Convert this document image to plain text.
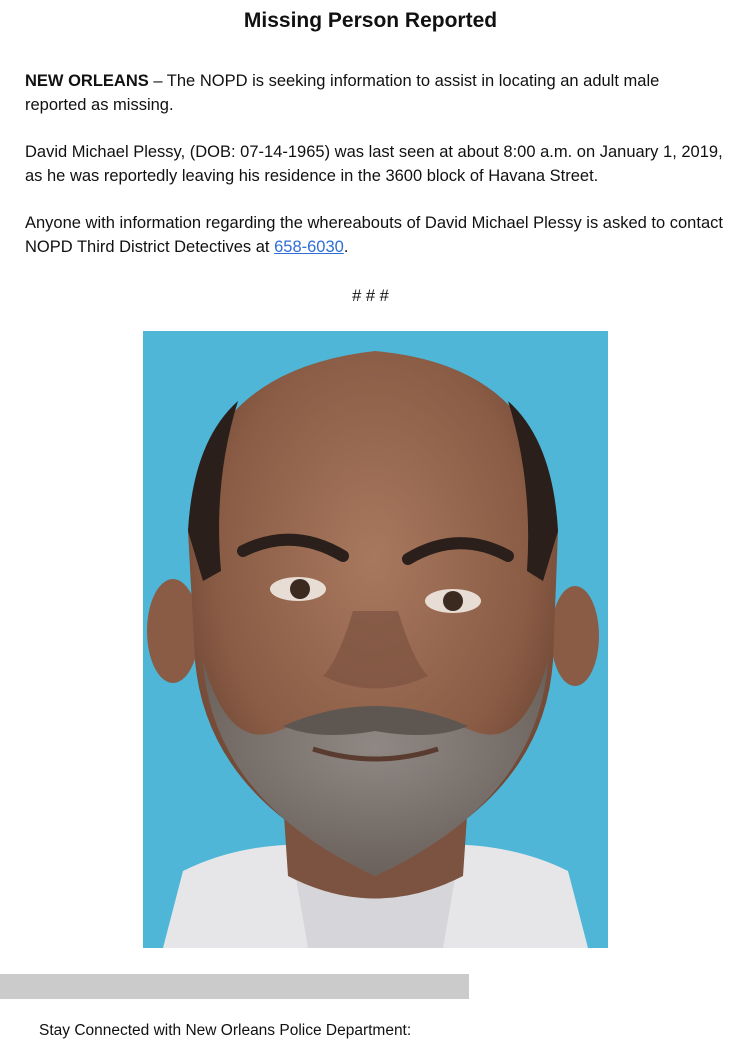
Missing Person Reported
NEW ORLEANS – The NOPD is seeking information to assist in locating an adult male reported as missing.
David Michael Plessy, (DOB: 07-14-1965) was last seen at about 8:00 a.m. on January 1, 2019, as he was reportedly leaving his residence in the 3600 block of Havana Street.
Anyone with information regarding the whereabouts of David Michael Plessy is asked to contact NOPD Third District Detectives at 658-6030.
# # #
Stay Connected with New Orleans Police Department:
